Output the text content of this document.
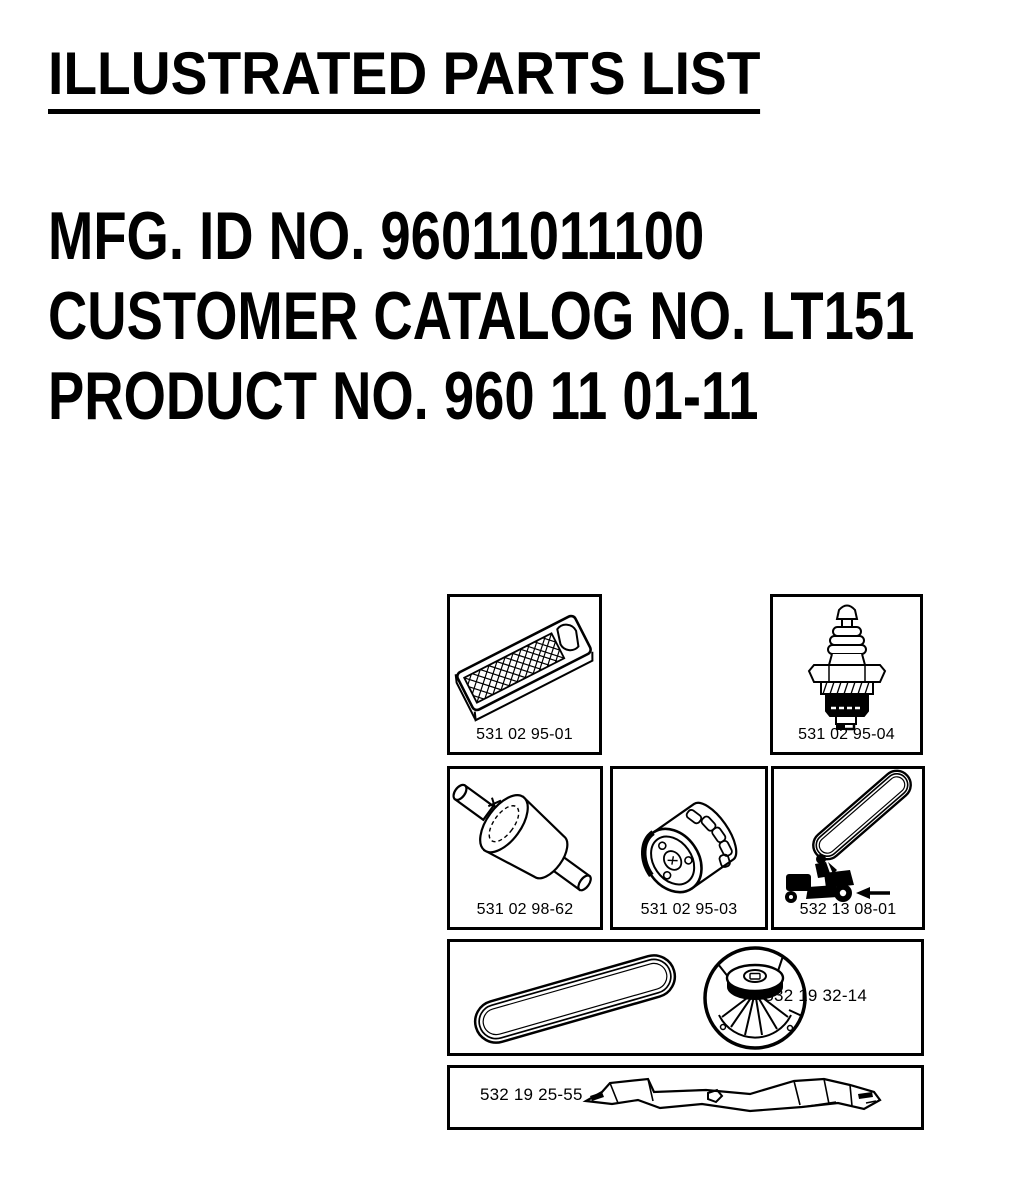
ILLUSTRATED PARTS LIST
MFG. ID NO. 96011011100
CUSTOMER CATALOG NO. LT151
PRODUCT NO. 960 11 01-11
531 02 95-01	531 02 95-04
531 02 98-62	531 02 95-03	532 13 08-01
532 19 32-14
532 19 25-55
